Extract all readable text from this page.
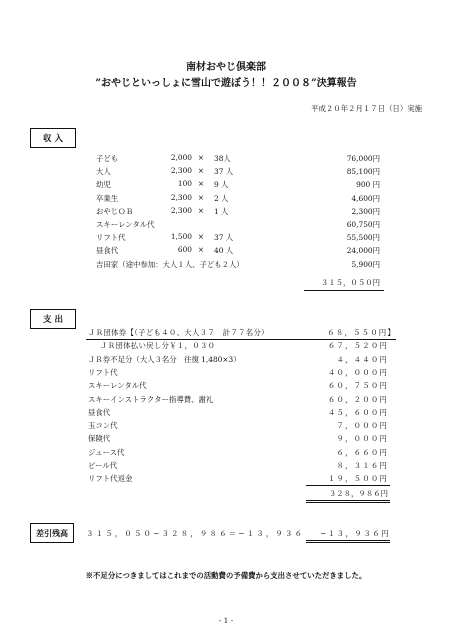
南材おやじ倶楽部
”おやじといっしょに雪山で遊ぼう！！２００８”決算報告
平成２０年２月１７日（日）実施
収 入
子ども	2,000 ×	38人	76,000円
大人	2,300 ×	37 人	85,100円
幼児	100 ×	9 人	900 円
卒業生	2,300 ×	2 人	4,600円
おやじＯＢ	2,300 ×	1 人	2,300円
スキーレンタル代	60,750円
リフト代	1,500 ×	37 人	55,500円
昼食代	600 ×	40 人	24,000円
吉田家（途中参加：大人１人、子ども２人）	5,900円
３１５，０５０円
支 出
ＪＲ団体券【（子ども４０、大人３７　計７７名分）	６８，５５０円】
ＪＲ団体払い戻し分￥１，０３０	６７，５２０円
ＪＲ券不足分（大人３名分　往復 1,480×3）	４，４４０円
リフト代	４０，０００円
スキーレンタル代	６０，７５０円
スキーインストラクター指導費、謝礼	６０，２００円
昼食代	４５，６００円
玉コン代	７，０００円
保険代	９，０００円
ジュース代	６，６６０円
ビール代	８，３１６円
リフト代返金	１９，５００円
３２８，９８６円
差引残高 ３１５，０５０−３２８，９８６＝−１３，９３６ −１３，９３６円
※不足分につきましてはこれまでの活動費の予備費から支出させていただきました。
- 1 -
